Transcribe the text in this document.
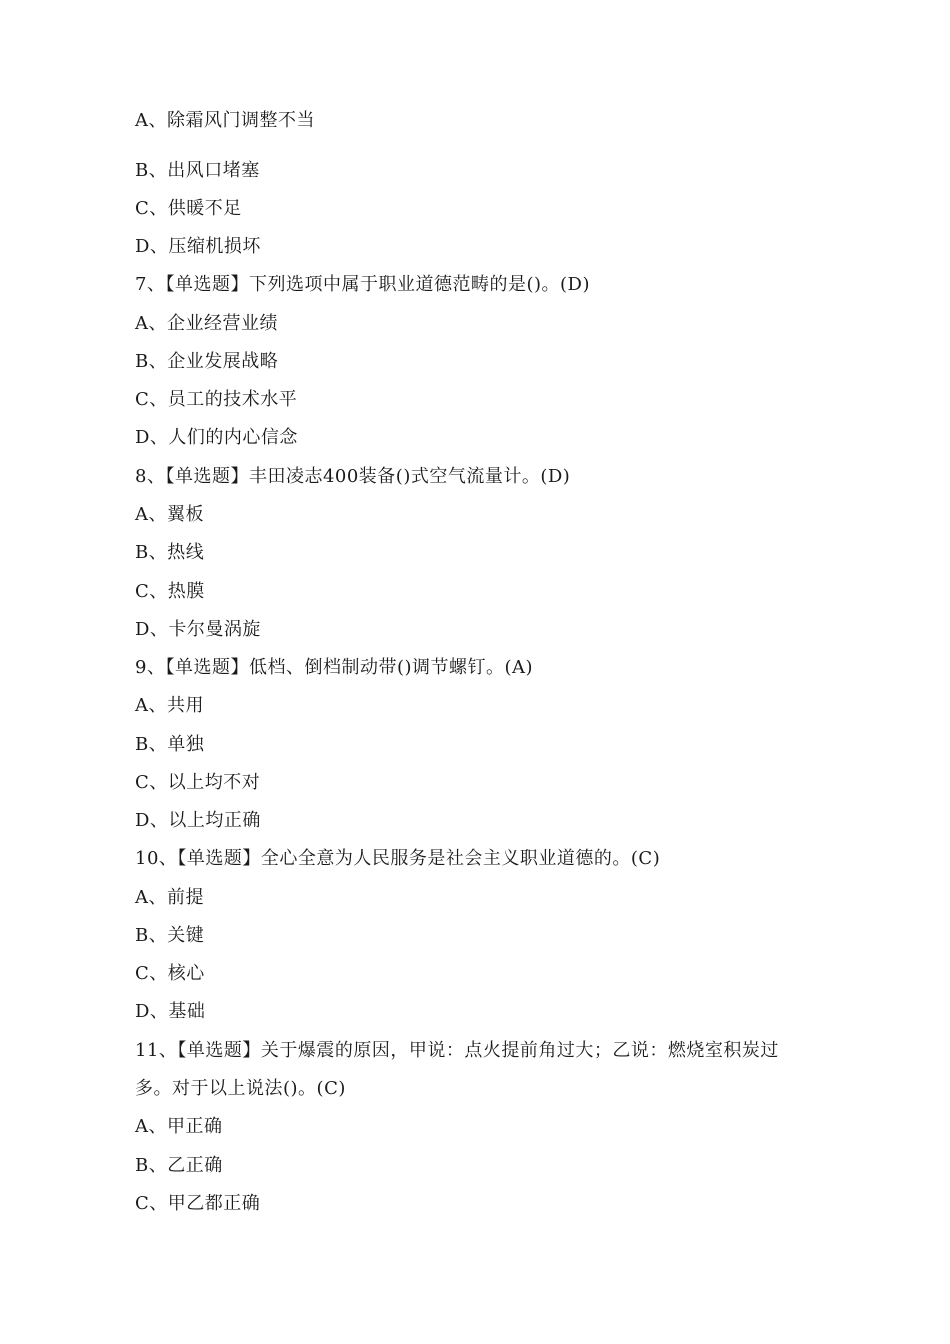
A、除霜风门调整不当
B、出风口堵塞
C、供暖不足
D、压缩机损坏
7、【单选题】下列选项中属于职业道德范畴的是()。(D)
A、企业经营业绩
B、企业发展战略
C、员工的技术水平
D、人们的内心信念
8、【单选题】丰田凌志400装备()式空气流量计。(D)
A、翼板
B、热线
C、热膜
D、卡尔曼涡旋
9、【单选题】低档、倒档制动带()调节螺钉。(A)
A、共用
B、单独
C、以上均不对
D、以上均正确
10、【单选题】全心全意为人民服务是社会主义职业道德的。(C)
A、前提
B、关键
C、核心
D、基础
11、【单选题】关于爆震的原因，甲说：点火提前角过大；乙说：燃烧室积炭过
多。对于以上说法()。(C)
A、甲正确
B、乙正确
C、甲乙都正确
